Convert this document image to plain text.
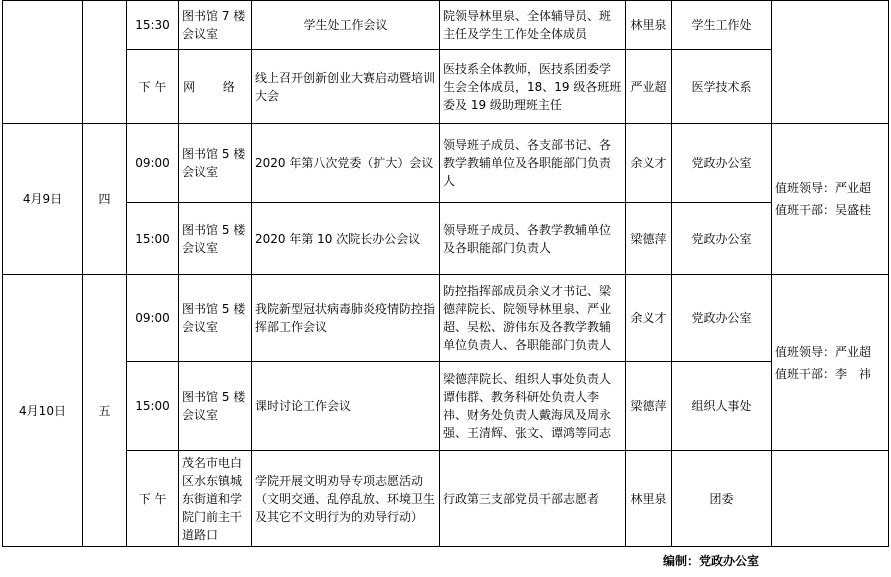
		15:30	图书馆 7 楼会议室	学生处工作会议	院领导林里泉、全体辅导员、班主任及学生工作处全体成员	林里泉	学生工作处	
		下 午	网 络	线上召开创新创业大赛启动暨培训大会	医技系全体教师，医技系团委学生会全体成员，18、19 级各班班委及 19 级助理班主任	严业超	医学技术系	
4月9日	四	09:00	图书馆 5 楼会议室	2020 年第八次党委（扩大）会议	领导班子成员、各支部书记、各教学教辅单位及各职能部门负责人	余义才	党政办公室	值班领导：严业超
值班干部：吴盛桂

		15:00	图书馆 5 楼会议室	2020 年第 10 次院长办公会议	领导班子成员、各教学教辅单位及各职能部门负责人	梁德萍	党政办公室	
4月10日	五	09:00	图书馆 5 楼会议室	我院新型冠状病毒肺炎疫情防控指挥部工作会议	防控指挥部成员余义才书记、梁德萍院长、院领导林里泉、严业超、吴松、游伟东及各教学教辅单位负责人、各职能部门负责人	余义才	党政办公室	值班领导：严业超
值班干部：李　祎

		15:00	图书馆 5 楼会议室	课时讨论工作会议	梁德萍院长、组织人事处负责人谭伟群、教务科研处负责人李祎、财务处负责人戴海凤及周永强、王清辉、张文、谭鸿等同志	梁德萍	组织人事处	
		下 午	茂名市电白区水东镇城东街道和学院门前主干道路口	学院开展文明劝导专项志愿活动（文明交通、乱停乱放、环境卫生及其它不文明行为的劝导行动）	行政第三支部党员干部志愿者	林里泉	团委	
编制：党政办公室
